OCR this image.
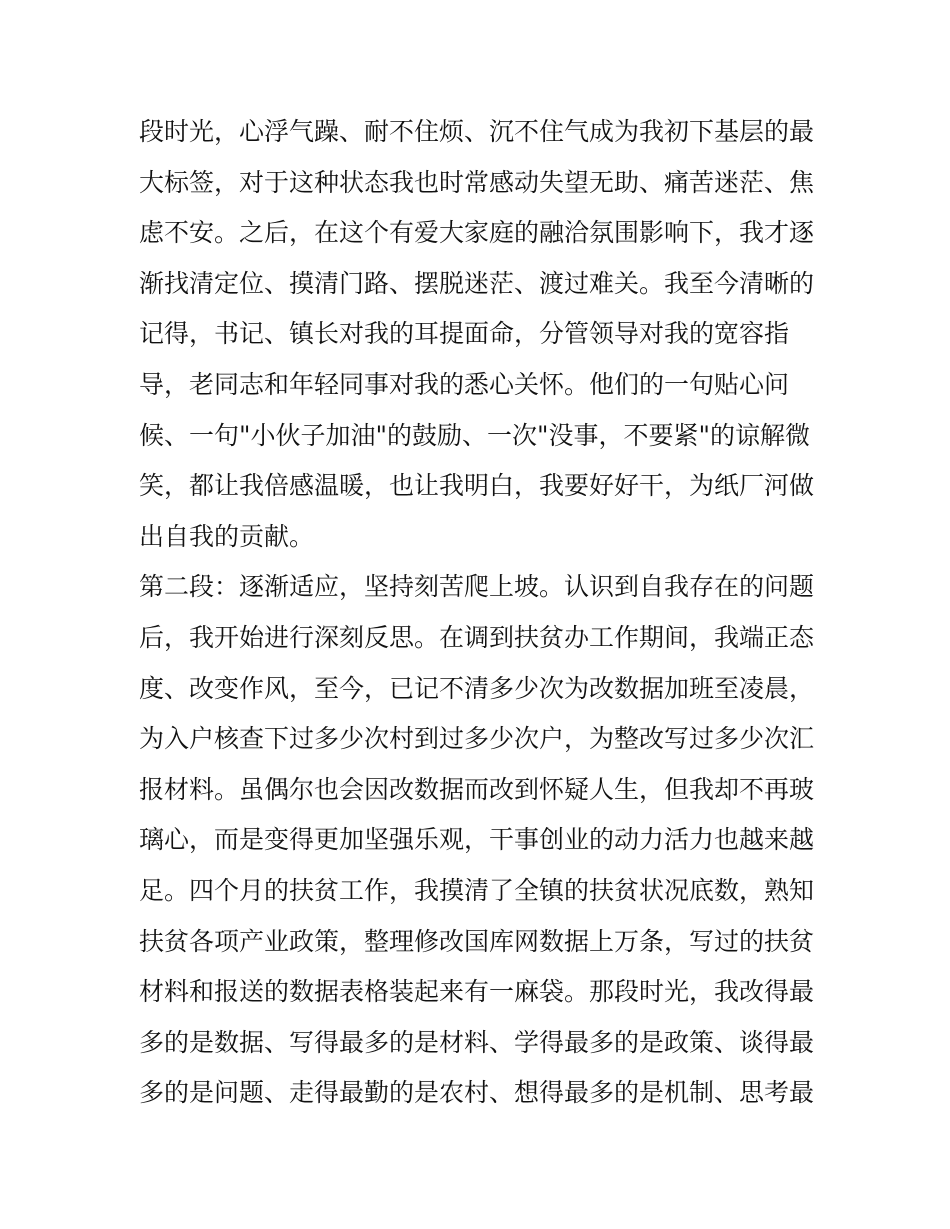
段时光，心浮气躁、耐不住烦、沉不住气成为我初下基层的最
大标签，对于这种状态我也时常感动失望无助、痛苦迷茫、焦
虑不安。之后，在这个有爱大家庭的融洽氛围影响下，我才逐
渐找清定位、摸清门路、摆脱迷茫、渡过难关。我至今清晰的
记得，书记、镇长对我的耳提面命，分管领导对我的宽容指
导，老同志和年轻同事对我的悉心关怀。他们的一句贴心问
候、一句"小伙子加油"的鼓励、一次"没事，不要紧"的谅解微
笑，都让我倍感温暖，也让我明白，我要好好干，为纸厂河做
出自我的贡献。
第二段：逐渐适应，坚持刻苦爬上坡。认识到自我存在的问题
后，我开始进行深刻反思。在调到扶贫办工作期间，我端正态
度、改变作风，至今，已记不清多少次为改数据加班至凌晨，
为入户核查下过多少次村到过多少次户，为整改写过多少次汇
报材料。虽偶尔也会因改数据而改到怀疑人生，但我却不再玻
璃心，而是变得更加坚强乐观，干事创业的动力活力也越来越
足。四个月的扶贫工作，我摸清了全镇的扶贫状况底数，熟知
扶贫各项产业政策，整理修改国库网数据上万条，写过的扶贫
材料和报送的数据表格装起来有一麻袋。那段时光，我改得最
多的是数据、写得最多的是材料、学得最多的是政策、谈得最
多的是问题、走得最勤的是农村、想得最多的是机制、思考最
